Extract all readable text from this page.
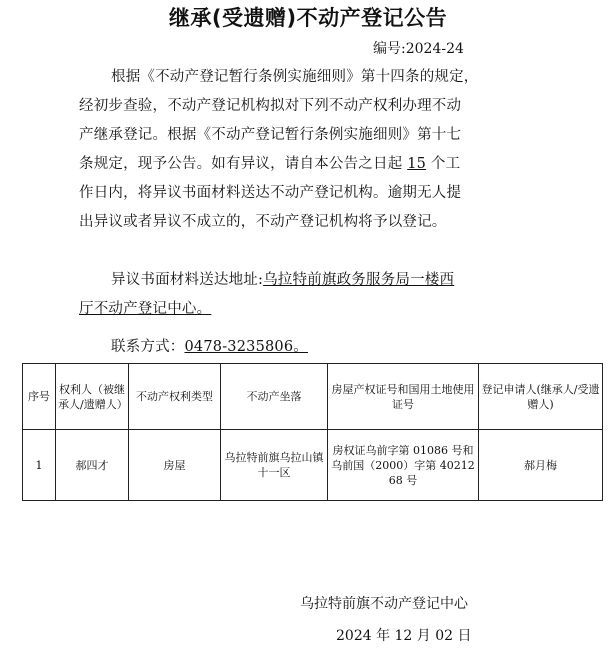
继承(受遗赠)不动产登记公告
编号:2024-24
根据《不动产登记暂行条例实施细则》第十四条的规定，
经初步查验，不动产登记机构拟对下列不动产权利办理不动
产继承登记。根据《不动产登记暂行条例实施细则》第十七
条规定，现予公告。如有异议，请自本公告之日起 15 个工
作日内，将异议书面材料送达不动产登记机构。逾期无人提
出异议或者异议不成立的，不动产登记机构将予以登记。
异议书面材料送达地址:乌拉特前旗政务服务局一楼西
厅不动产登记中心。
联系方式：0478-3235806。
序号	权利人（被继承人/遗赠人）	不动产权利类型	不动产坐落	房屋产权证号和国用土地使用证号	登记申请人(继承人/受遗赠人)
1	郝四才	房屋	乌拉特前旗乌拉山镇十一区	房权证乌前字第 01086 号和乌前国（2000）字第 4021268 号	郝月梅
乌拉特前旗不动产登记中心
2024 年 12 月 02 日
